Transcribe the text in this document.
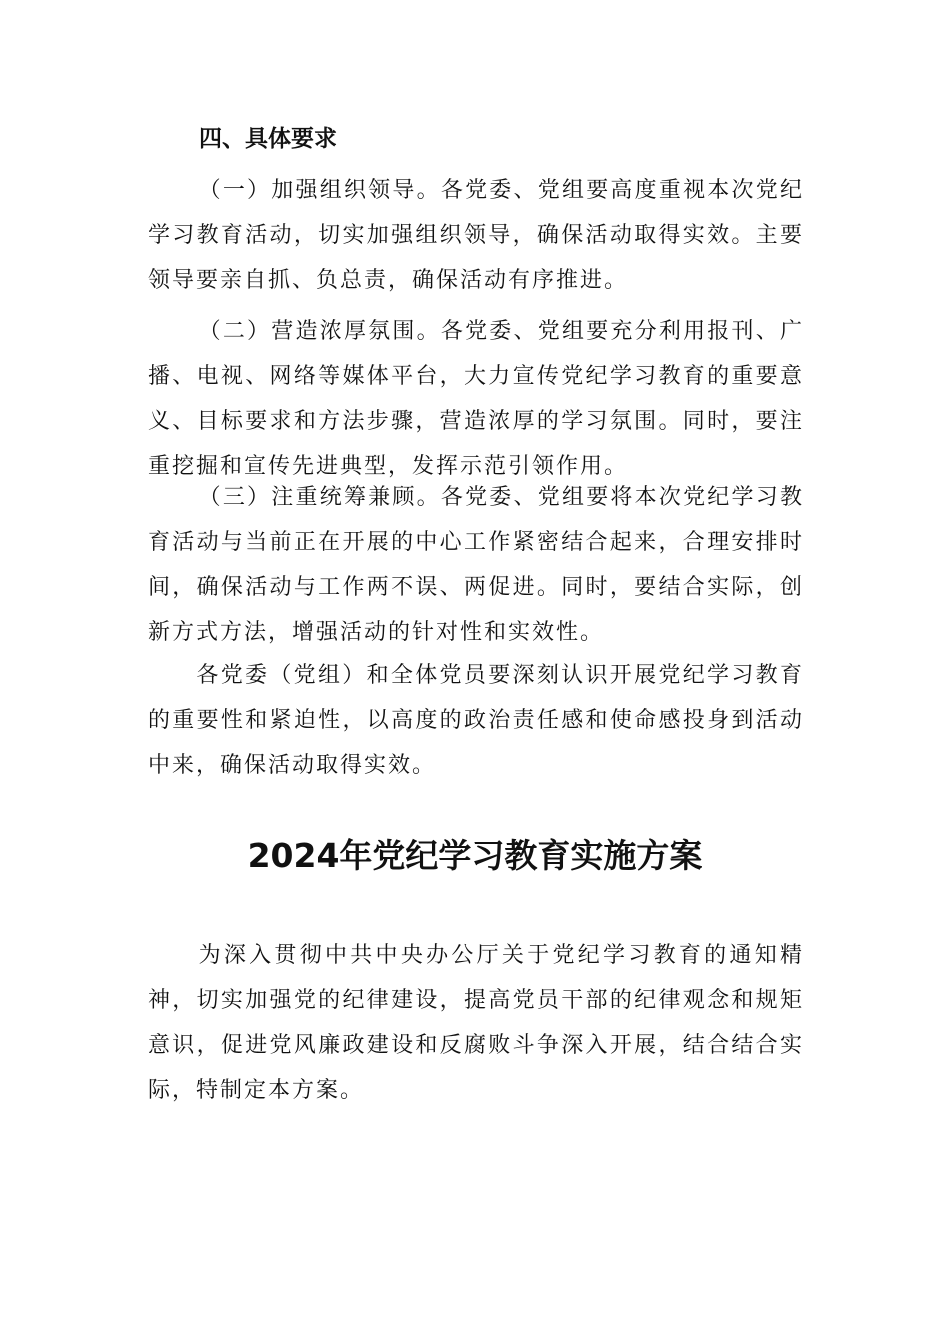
四、具体要求

（一）加强组织领导。各党委、党组要高度重视本次党纪学习教育活动，切实加强组织领导，确保活动取得实效。主要领导要亲自抓、负总责，确保活动有序推进。

（二）营造浓厚氛围。各党委、党组要充分利用报刊、广播、电视、网络等媒体平台，大力宣传党纪学习教育的重要意义、目标要求和方法步骤，营造浓厚的学习氛围。同时，要注重挖掘和宣传先进典型，发挥示范引领作用。

（三）注重统筹兼顾。各党委、党组要将本次党纪学习教育活动与当前正在开展的中心工作紧密结合起来，合理安排时间，确保活动与工作两不误、两促进。同时，要结合实际，创新方式方法，增强活动的针对性和实效性。

各党委（党组）和全体党员要深刻认识开展党纪学习教育的重要性和紧迫性，以高度的政治责任感和使命感投身到活动中来，确保活动取得实效。

2024年党纪学习教育实施方案

为深入贯彻中共中央办公厅关于党纪学习教育的通知精神，切实加强党的纪律建设，提高党员干部的纪律观念和规矩意识，促进党风廉政建设和反腐败斗争深入开展，结合结合实际，特制定本方案。
